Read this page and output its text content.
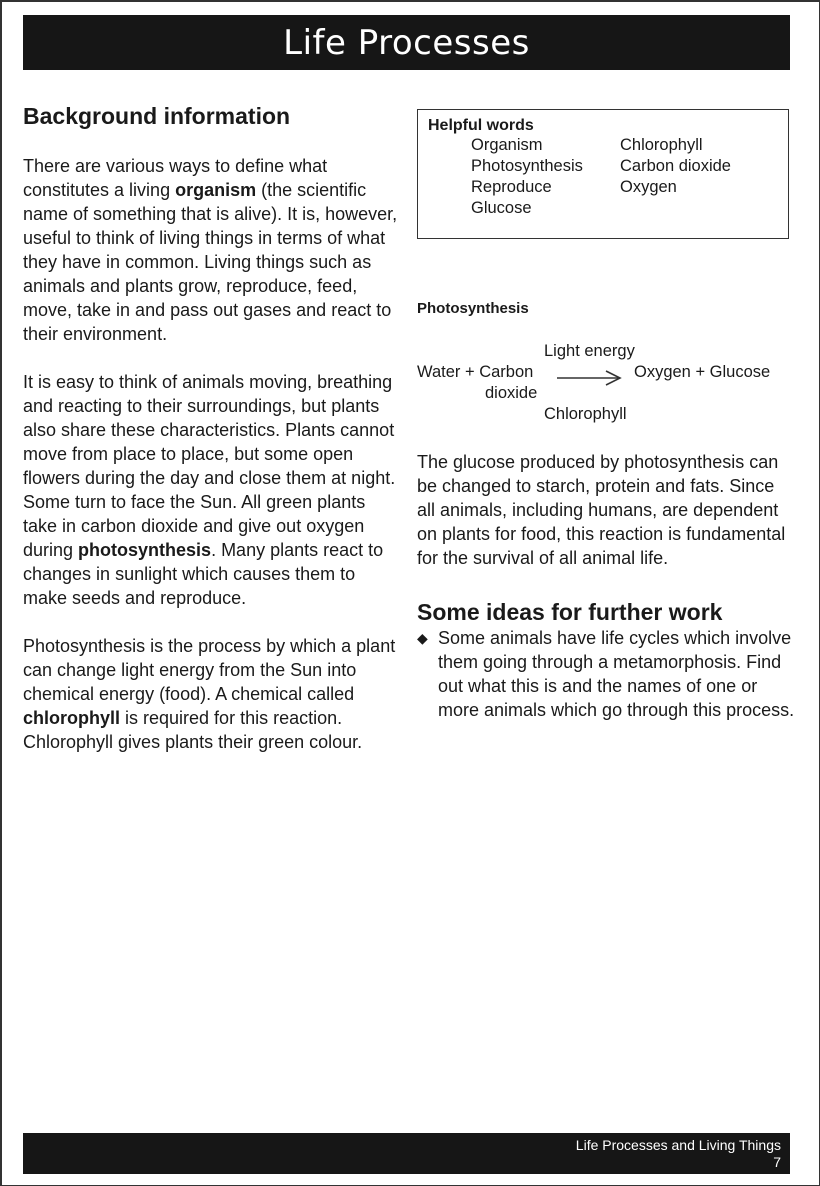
Life Processes
Background information

There are various ways to define what constitutes a living organism (the scientific name of something that is alive). It is, however, useful to think of living things in terms of what they have in common. Living things such as animals and plants grow, reproduce, feed, move, take in and pass out gases and react to their environment.

It is easy to think of animals moving, breathing and reacting to their surroundings, but plants also share these characteristics. Plants cannot move from place to place, but some open flowers during the day and close them at night. Some turn to face the Sun. All green plants take in carbon dioxide and give out oxygen during photosynthesis. Many plants react to changes in sunlight which causes them to make seeds and reproduce.

Photosynthesis is the process by which a plant can change light energy from the Sun into chemical energy (food). A chemical called chlorophyll is required for this reaction. Chlorophyll gives plants their green colour.

Helpful words
Organism
Photosynthesis
Reproduce
Glucose
Chlorophyll
Carbon dioxide
Oxygen
Photosynthesis
Light energy
Water + Carbon
dioxide
Oxygen + Glucose
Chlorophyll

The glucose produced by photosynthesis can be changed to starch, protein and fats. Since all animals, including humans, are dependent on plants for food, this reaction is fundamental for the survival of all animal life.

Some ideas for further work
◆ Some animals have life cycles which involve them going through a metamorphosis. Find out what this is and the names of one or more animals which go through this process.
Life Processes and Living Things
7
